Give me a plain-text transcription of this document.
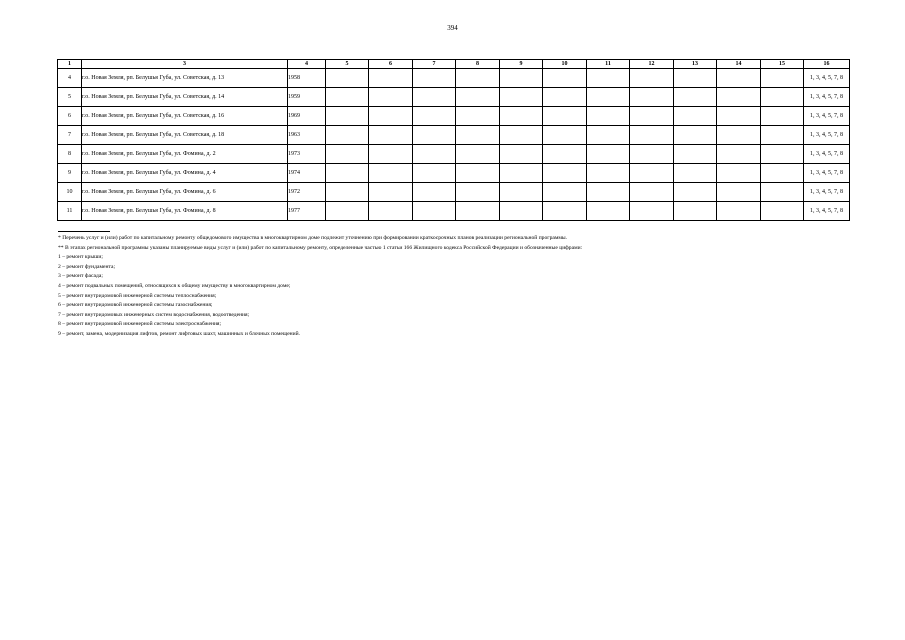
394
1	3	4	5	6	7	8	9	10	11	12	13	14	15	16
4	г.о. Новая Земля, рп. Белушья Губа, ул. Советская, д. 13	1958												1, 3, 4, 5, 7, 8
5	г.о. Новая Земля, рп. Белушья Губа, ул. Советская, д. 14	1959												1, 3, 4, 5, 7, 8
6	г.о. Новая Земля, рп. Белушья Губа, ул. Советская, д. 16	1969												1, 3, 4, 5, 7, 8
7	г.о. Новая Земля, рп. Белушья Губа, ул. Советская, д. 18	1963												1, 3, 4, 5, 7, 8
8	г.о. Новая Земля, рп. Белушья Губа, ул. Фомина, д. 2	1973												1, 3, 4, 5, 7, 8
9	г.о. Новая Земля, рп. Белушья Губа, ул. Фомина, д. 4	1974												1, 3, 4, 5, 7, 8
10	г.о. Новая Земля, рп. Белушья Губа, ул. Фомина, д. 6	1972												1, 3, 4, 5, 7, 8
11	г.о. Новая Земля, рп. Белушья Губа, ул. Фомина, д. 8	1977												1, 3, 4, 5, 7, 8

* Перечень услуг и (или) работ по капитальному ремонту общедомового имущества в многоквартирном доме подлежит уточнению при формировании краткосрочных планов реализации региональной программы.

** В этапах региональной программы указаны планируемые виды услуг и (или) работ по капитальному ремонту, определенные частью 1 статьи 166 Жилищного кодекса Российской Федерации и обозначенные цифрами:

1 – ремонт крыши;

2 – ремонт фундамента;

3 – ремонт фасада;

4 – ремонт подвальных помещений, относящихся к общему имуществу в многоквартирном доме;

5 – ремонт внутридомовой инженерной системы теплоснабжения;

6 – ремонт внутридомовой инженерной системы газоснабжения;

7 – ремонт внутридомовых инженерных систем водоснабжения, водоотведения;

8 – ремонт внутридомовой инженерной системы электроснабжения;

9 – ремонт, замена, модернизация лифтов, ремонт лифтовых шахт, машинных и блочных помещений.
